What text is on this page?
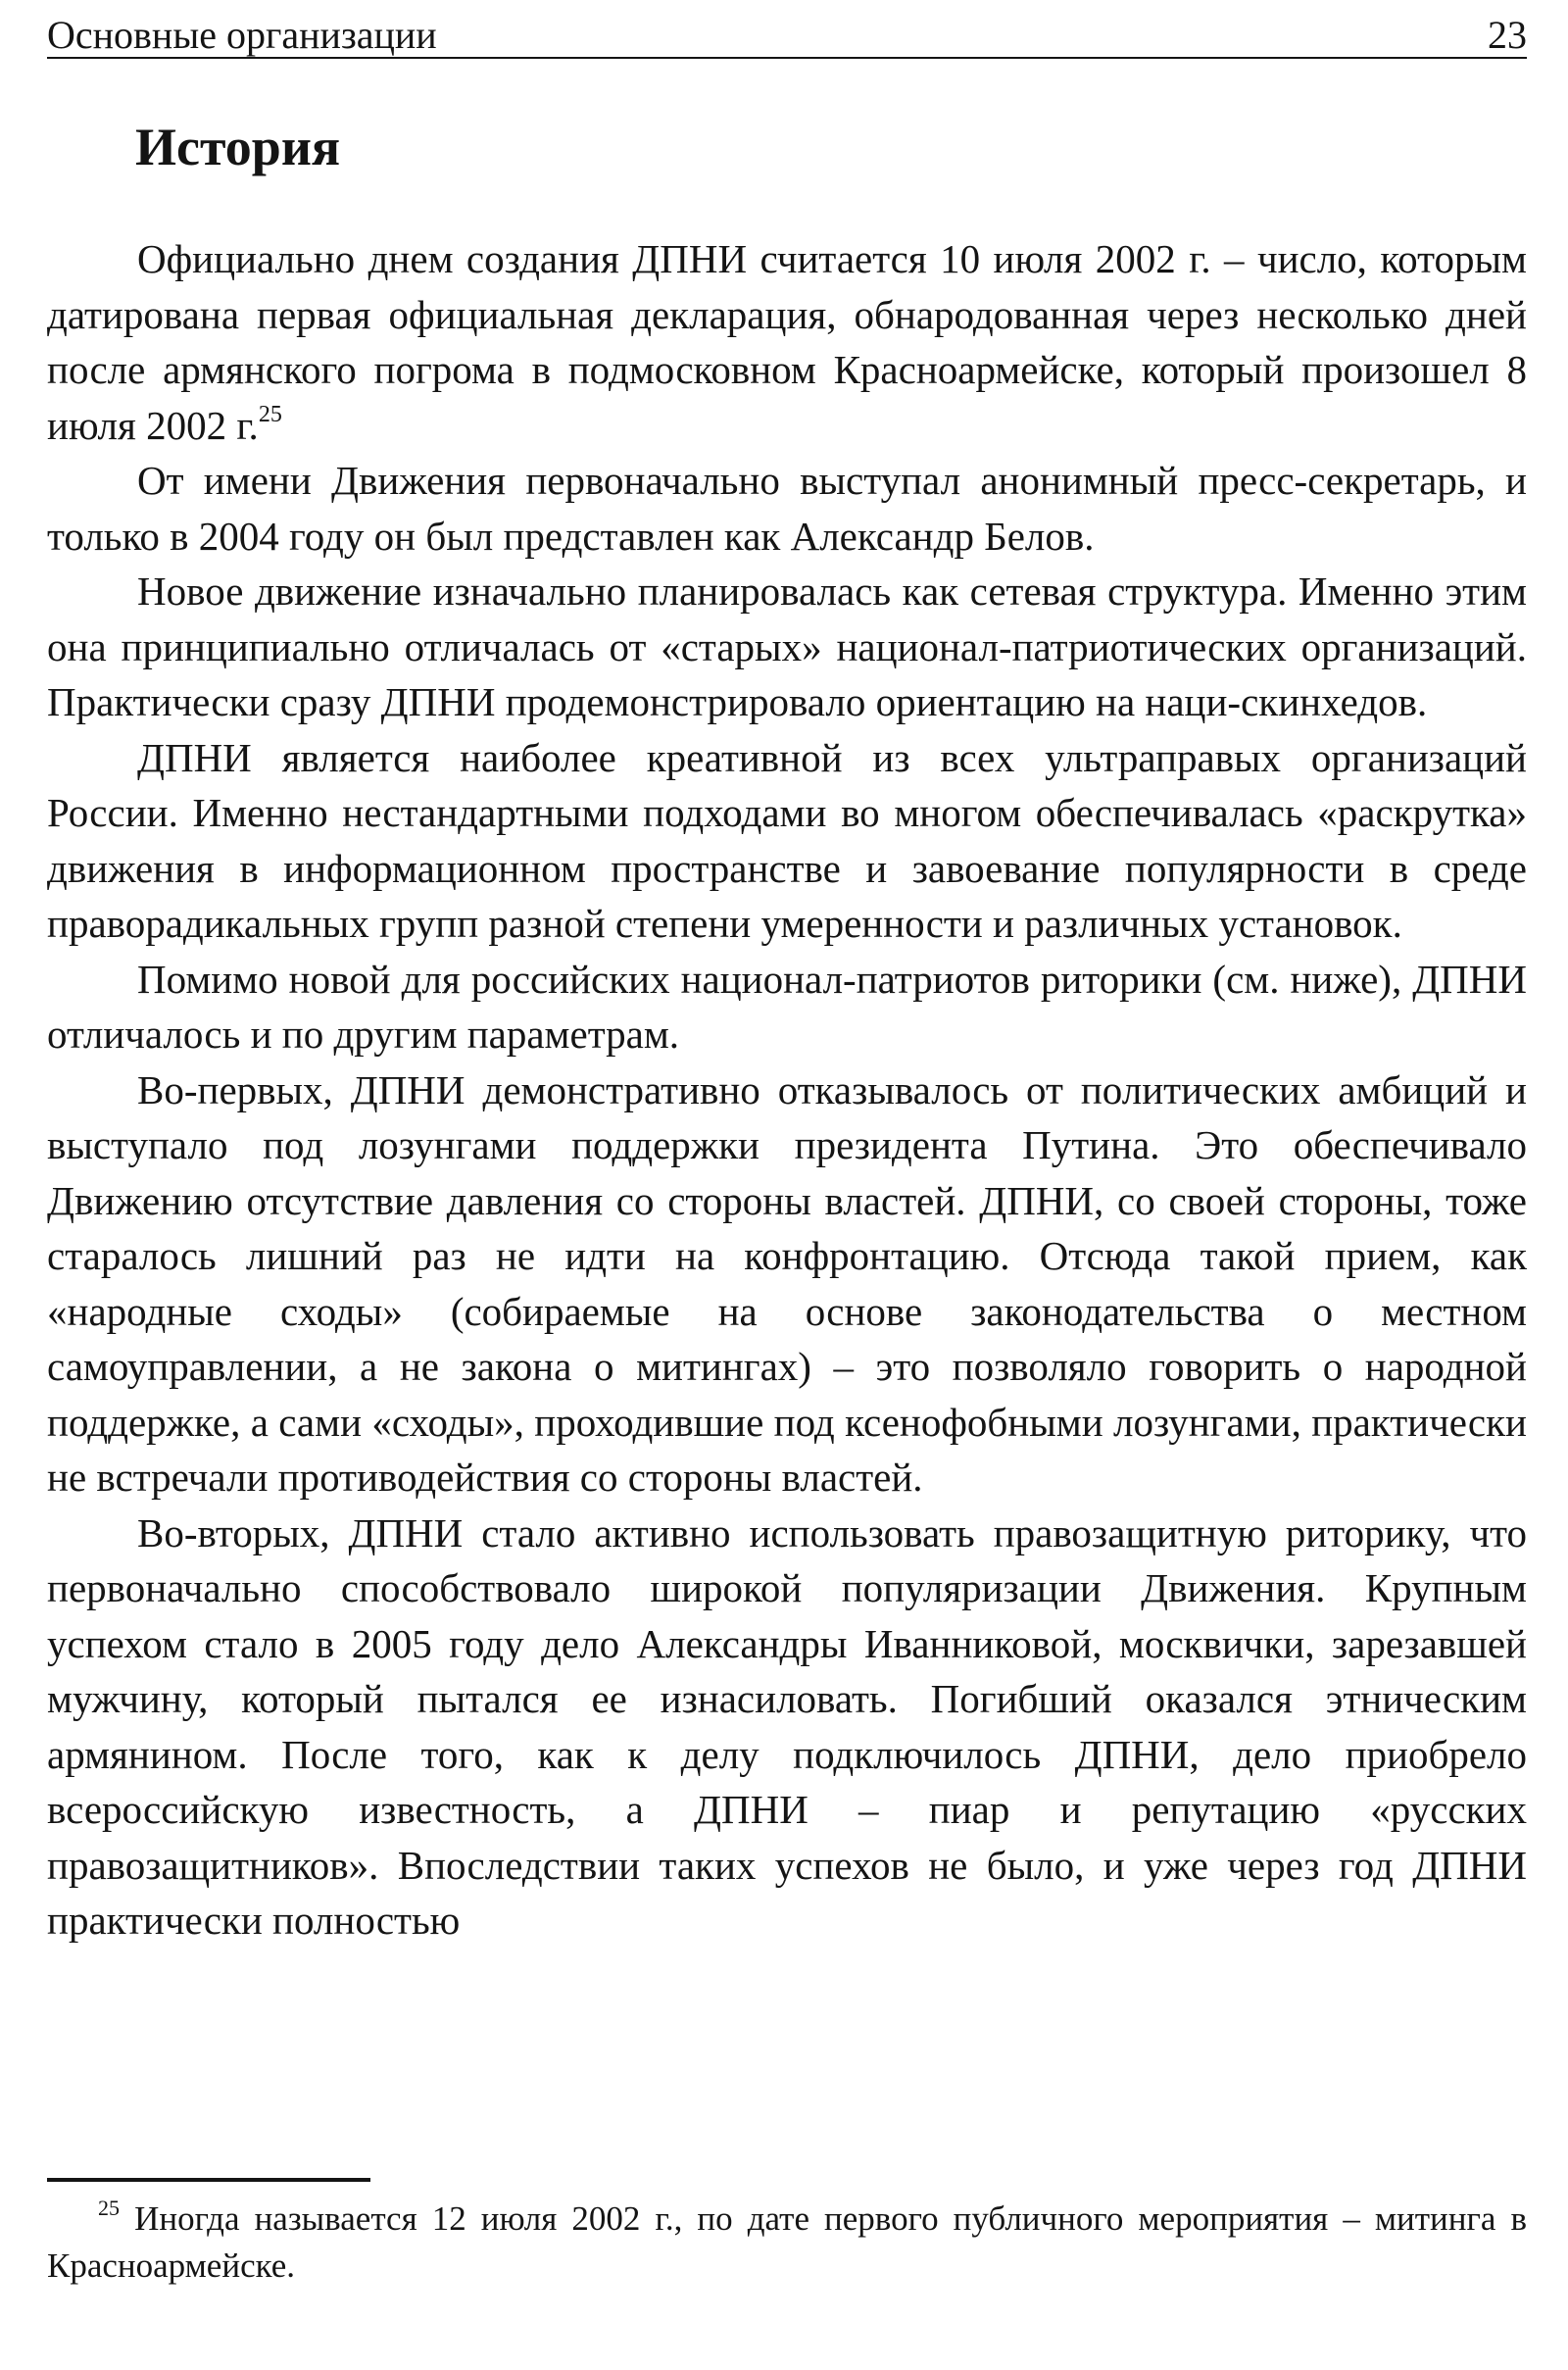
Основные организации	23
История

Официально днем создания ДПНИ считается 10 июля 2002 г. – число, которым датирована первая официальная декларация, обнародованная через несколько дней после армянского погрома в подмосковном Красноармейске, который произошел 8 июля 2002 г.$^{25}$

От имени Движения первоначально выступал анонимный пресс-секретарь, и только в 2004 году он был представлен как Александр Белов.

Новое движение изначально планировалась как сетевая структура. Именно этим она принципиально отличалась от «старых» национал-патриотических организаций. Практически сразу ДПНИ продемонстрировало ориентацию на наци-скинхедов.

ДПНИ является наиболее креативной из всех ультраправых организаций России. Именно нестандартными подходами во многом обеспечивалась «раскрутка» движения в информационном пространстве и завоевание популярности в среде праворадикальных групп разной степени умеренности и различных установок.

Помимо новой для российских национал-патриотов риторики (см. ниже), ДПНИ отличалось и по другим параметрам.

Во-первых, ДПНИ демонстративно отказывалось от политических амбиций и выступало под лозунгами поддержки президента Путина. Это обеспечивало Движению отсутствие давления со стороны властей. ДПНИ, со своей стороны, тоже старалось лишний раз не идти на конфронтацию. Отсюда такой прием, как «народные сходы» (собираемые на основе законодательства о местном самоуправлении, а не закона о митингах) – это позволяло говорить о народной поддержке, а сами «сходы», проходившие под ксенофобными лозунгами, практически не встречали противодействия со стороны властей.

Во-вторых, ДПНИ стало активно использовать правозащитную риторику, что первоначально способствовало широкой популяризации Движения. Крупным успехом стало в 2005 году дело Александры Иванниковой, москвички, зарезавшей мужчину, который пытался ее изнасиловать. Погибший оказался этническим армянином. После того, как к делу подключилось ДПНИ, дело приобрело всероссийскую известность, а ДПНИ – пиар и репутацию «русских правозащитников». Впоследствии таких успехов не было, и уже через год ДПНИ практически полностью

$^{25}$ Иногда называется 12 июля 2002 г., по дате первого публичного мероприятия – митинга в Красноармейске.
